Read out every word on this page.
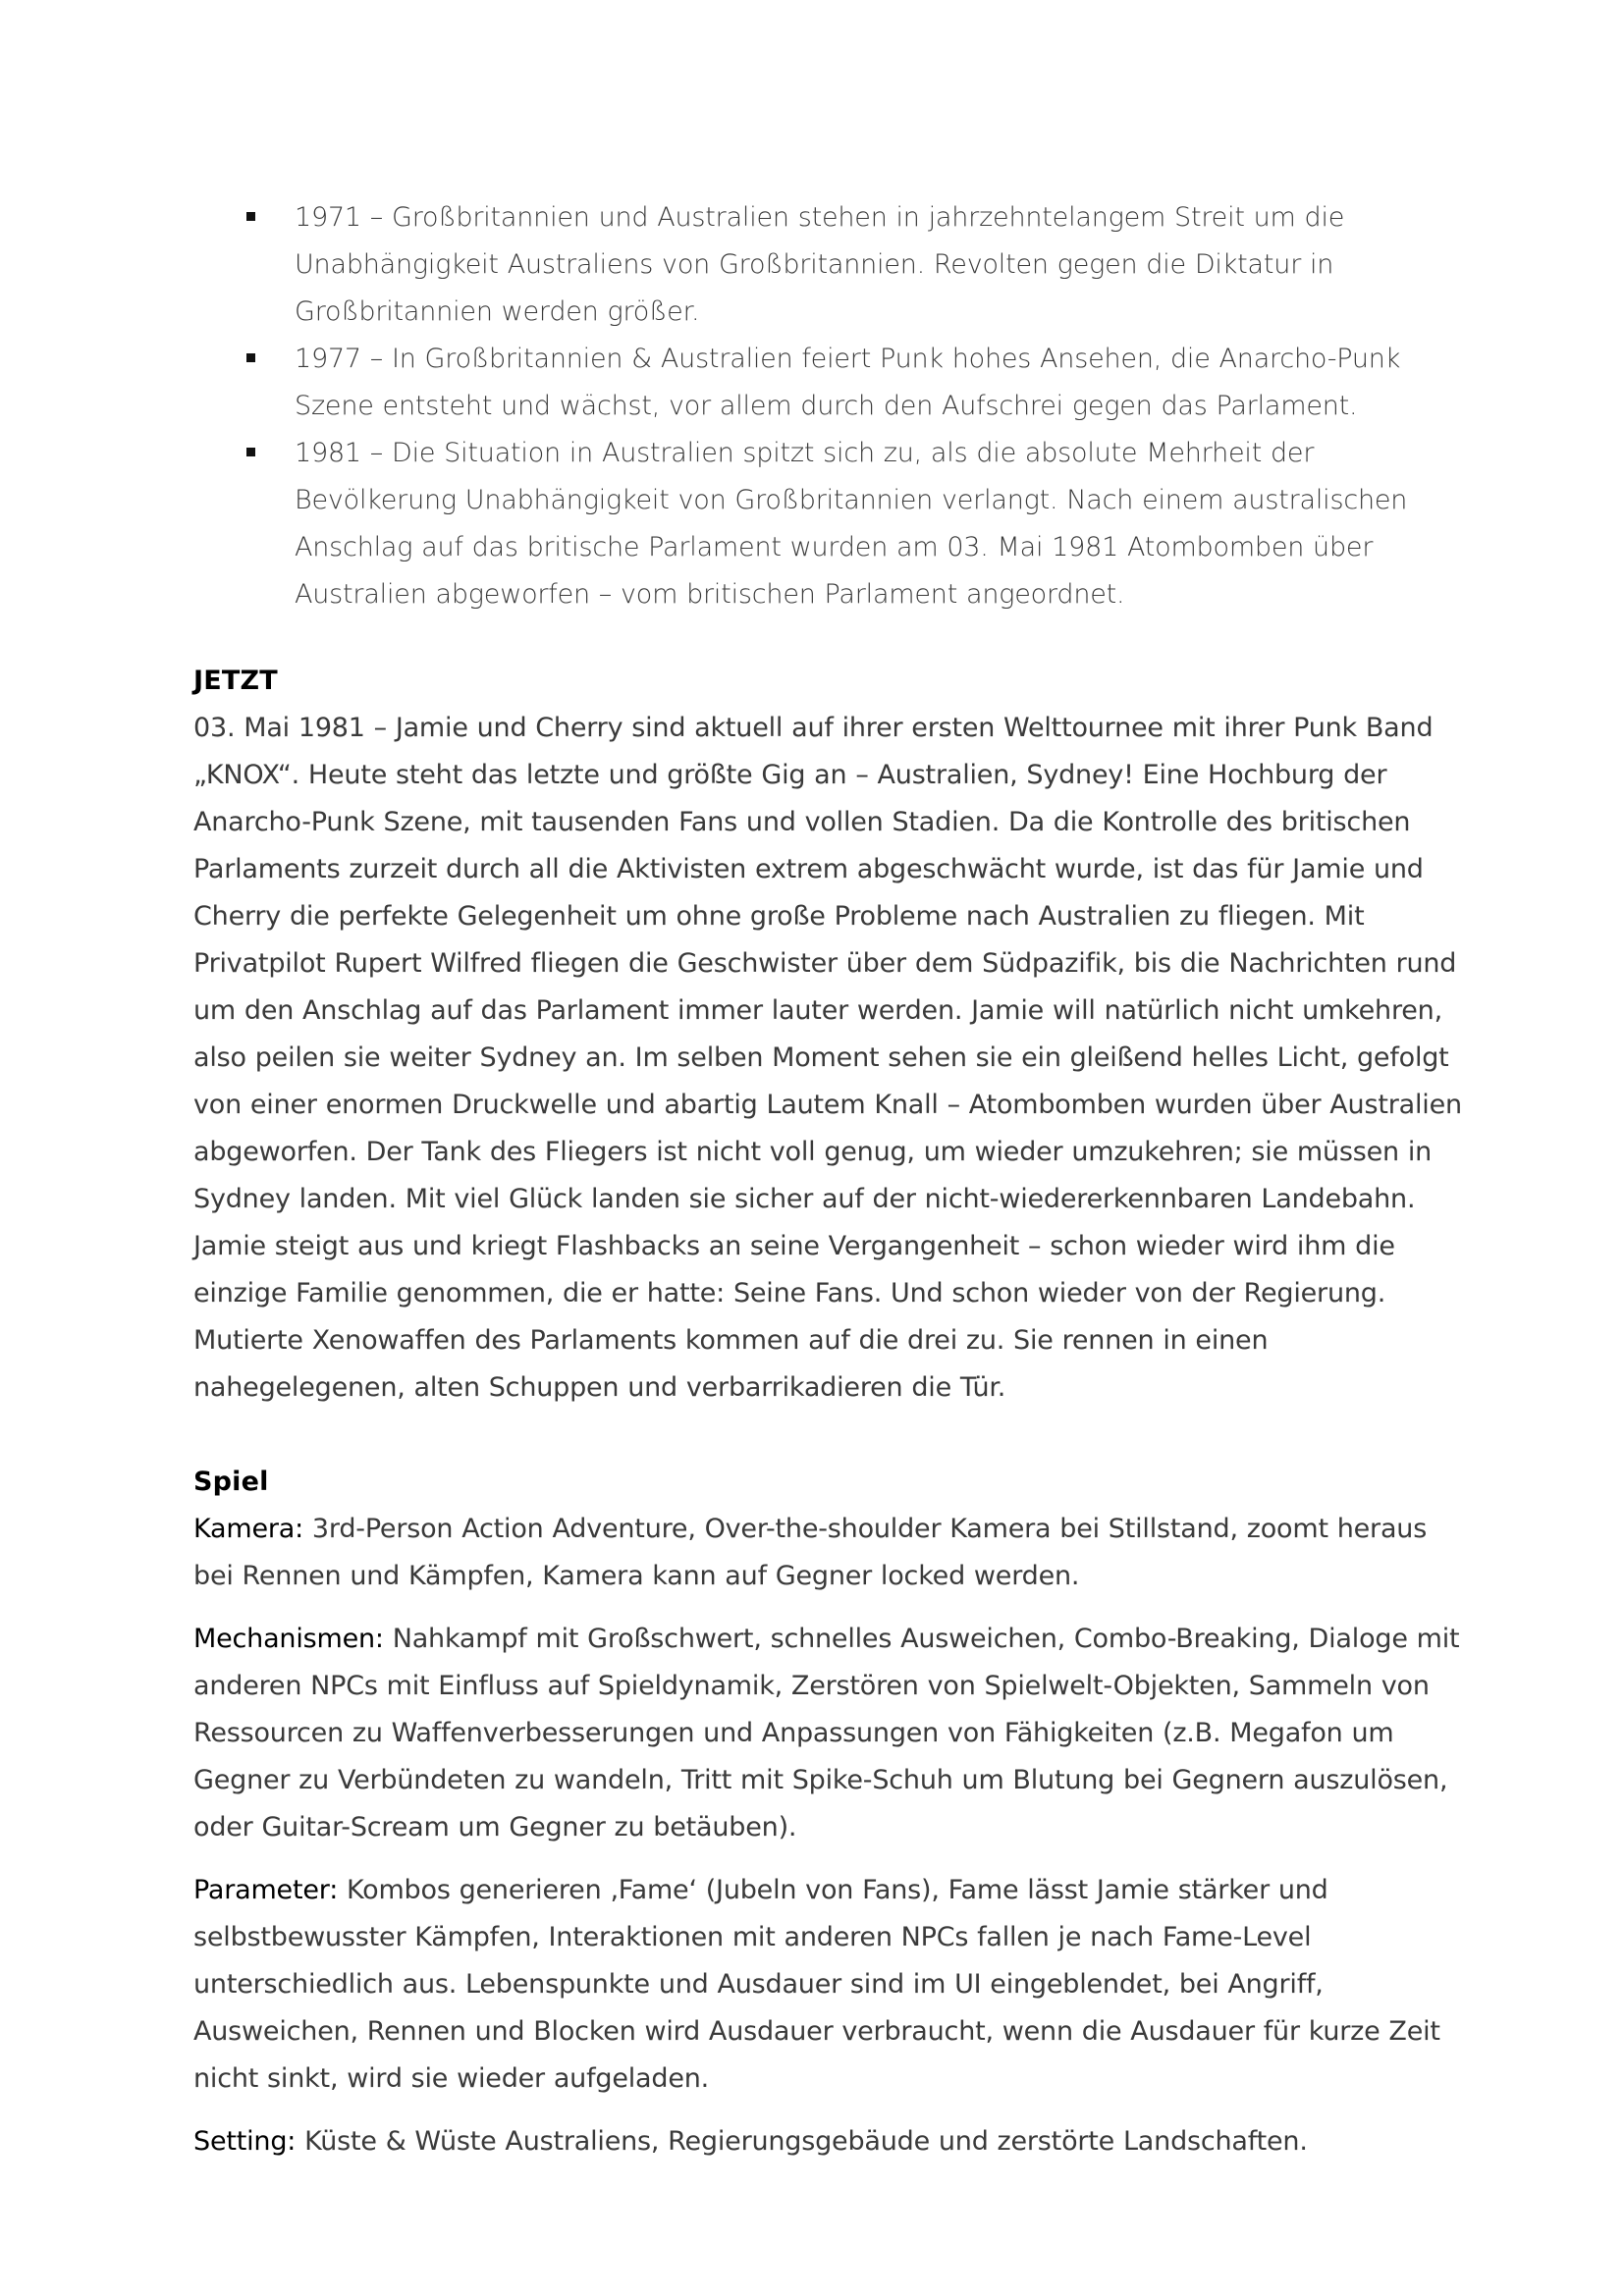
1971 – Großbritannien und Australien stehen in jahrzehntelangem Streit um die Unabhängigkeit Australiens von Großbritannien. Revolten gegen die Diktatur in Großbritannien werden größer.
1977 – In Großbritannien & Australien feiert Punk hohes Ansehen, die Anarcho-Punk Szene entsteht und wächst, vor allem durch den Aufschrei gegen das Parlament.
1981 – Die Situation in Australien spitzt sich zu, als die absolute Mehrheit der Bevölkerung Unabhängigkeit von Großbritannien verlangt. Nach einem australischen Anschlag auf das britische Parlament wurden am 03. Mai 1981 Atombomben über Australien abgeworfen – vom britischen Parlament angeordnet.
JETZT

03. Mai 1981 – Jamie und Cherry sind aktuell auf ihrer ersten Welttournee mit ihrer Punk Band „KNOX“. Heute steht das letzte und größte Gig an – Australien, Sydney! Eine Hochburg der Anarcho-Punk Szene, mit tausenden Fans und vollen Stadien. Da die Kontrolle des britischen Parlaments zurzeit durch all die Aktivisten extrem abgeschwächt wurde, ist das für Jamie und Cherry die perfekte Gelegenheit um ohne große Probleme nach Australien zu fliegen. Mit Privatpilot Rupert Wilfred fliegen die Geschwister über dem Südpazifik, bis die Nachrichten rund um den Anschlag auf das Parlament immer lauter werden. Jamie will natürlich nicht umkehren, also peilen sie weiter Sydney an. Im selben Moment sehen sie ein gleißend helles Licht, gefolgt von einer enormen Druckwelle und abartig Lautem Knall – Atombomben wurden über Australien abgeworfen. Der Tank des Fliegers ist nicht voll genug, um wieder umzukehren; sie müssen in Sydney landen. Mit viel Glück landen sie sicher auf der nicht-wiedererkennbaren Landebahn. Jamie steigt aus und kriegt Flashbacks an seine Vergangenheit – schon wieder wird ihm die einzige Familie genommen, die er hatte: Seine Fans. Und schon wieder von der Regierung. Mutierte Xenowaffen des Parlaments kommen auf die drei zu. Sie rennen in einen nahegelegenen, alten Schuppen und verbarrikadieren die Tür.

Spiel

Kamera: 3rd-Person Action Adventure, Over-the-shoulder Kamera bei Stillstand, zoomt heraus bei Rennen und Kämpfen, Kamera kann auf Gegner locked werden.

Mechanismen: Nahkampf mit Großschwert, schnelles Ausweichen, Combo-Breaking, Dialoge mit anderen NPCs mit Einfluss auf Spieldynamik, Zerstören von Spielwelt-Objekten, Sammeln von Ressourcen zu Waffenverbesserungen und Anpassungen von Fähigkeiten (z.B. Megafon um Gegner zu Verbündeten zu wandeln, Tritt mit Spike-Schuh um Blutung bei Gegnern auszulösen, oder Guitar-Scream um Gegner zu betäuben).

Parameter: Kombos generieren ‚Fame‘ (Jubeln von Fans), Fame lässt Jamie stärker und selbstbewusster Kämpfen, Interaktionen mit anderen NPCs fallen je nach Fame-Level unterschiedlich aus. Lebenspunkte und Ausdauer sind im UI eingeblendet, bei Angriff, Ausweichen, Rennen und Blocken wird Ausdauer verbraucht, wenn die Ausdauer für kurze Zeit nicht sinkt, wird sie wieder aufgeladen.

Setting: Küste & Wüste Australiens, Regierungsgebäude und zerstörte Landschaften.
